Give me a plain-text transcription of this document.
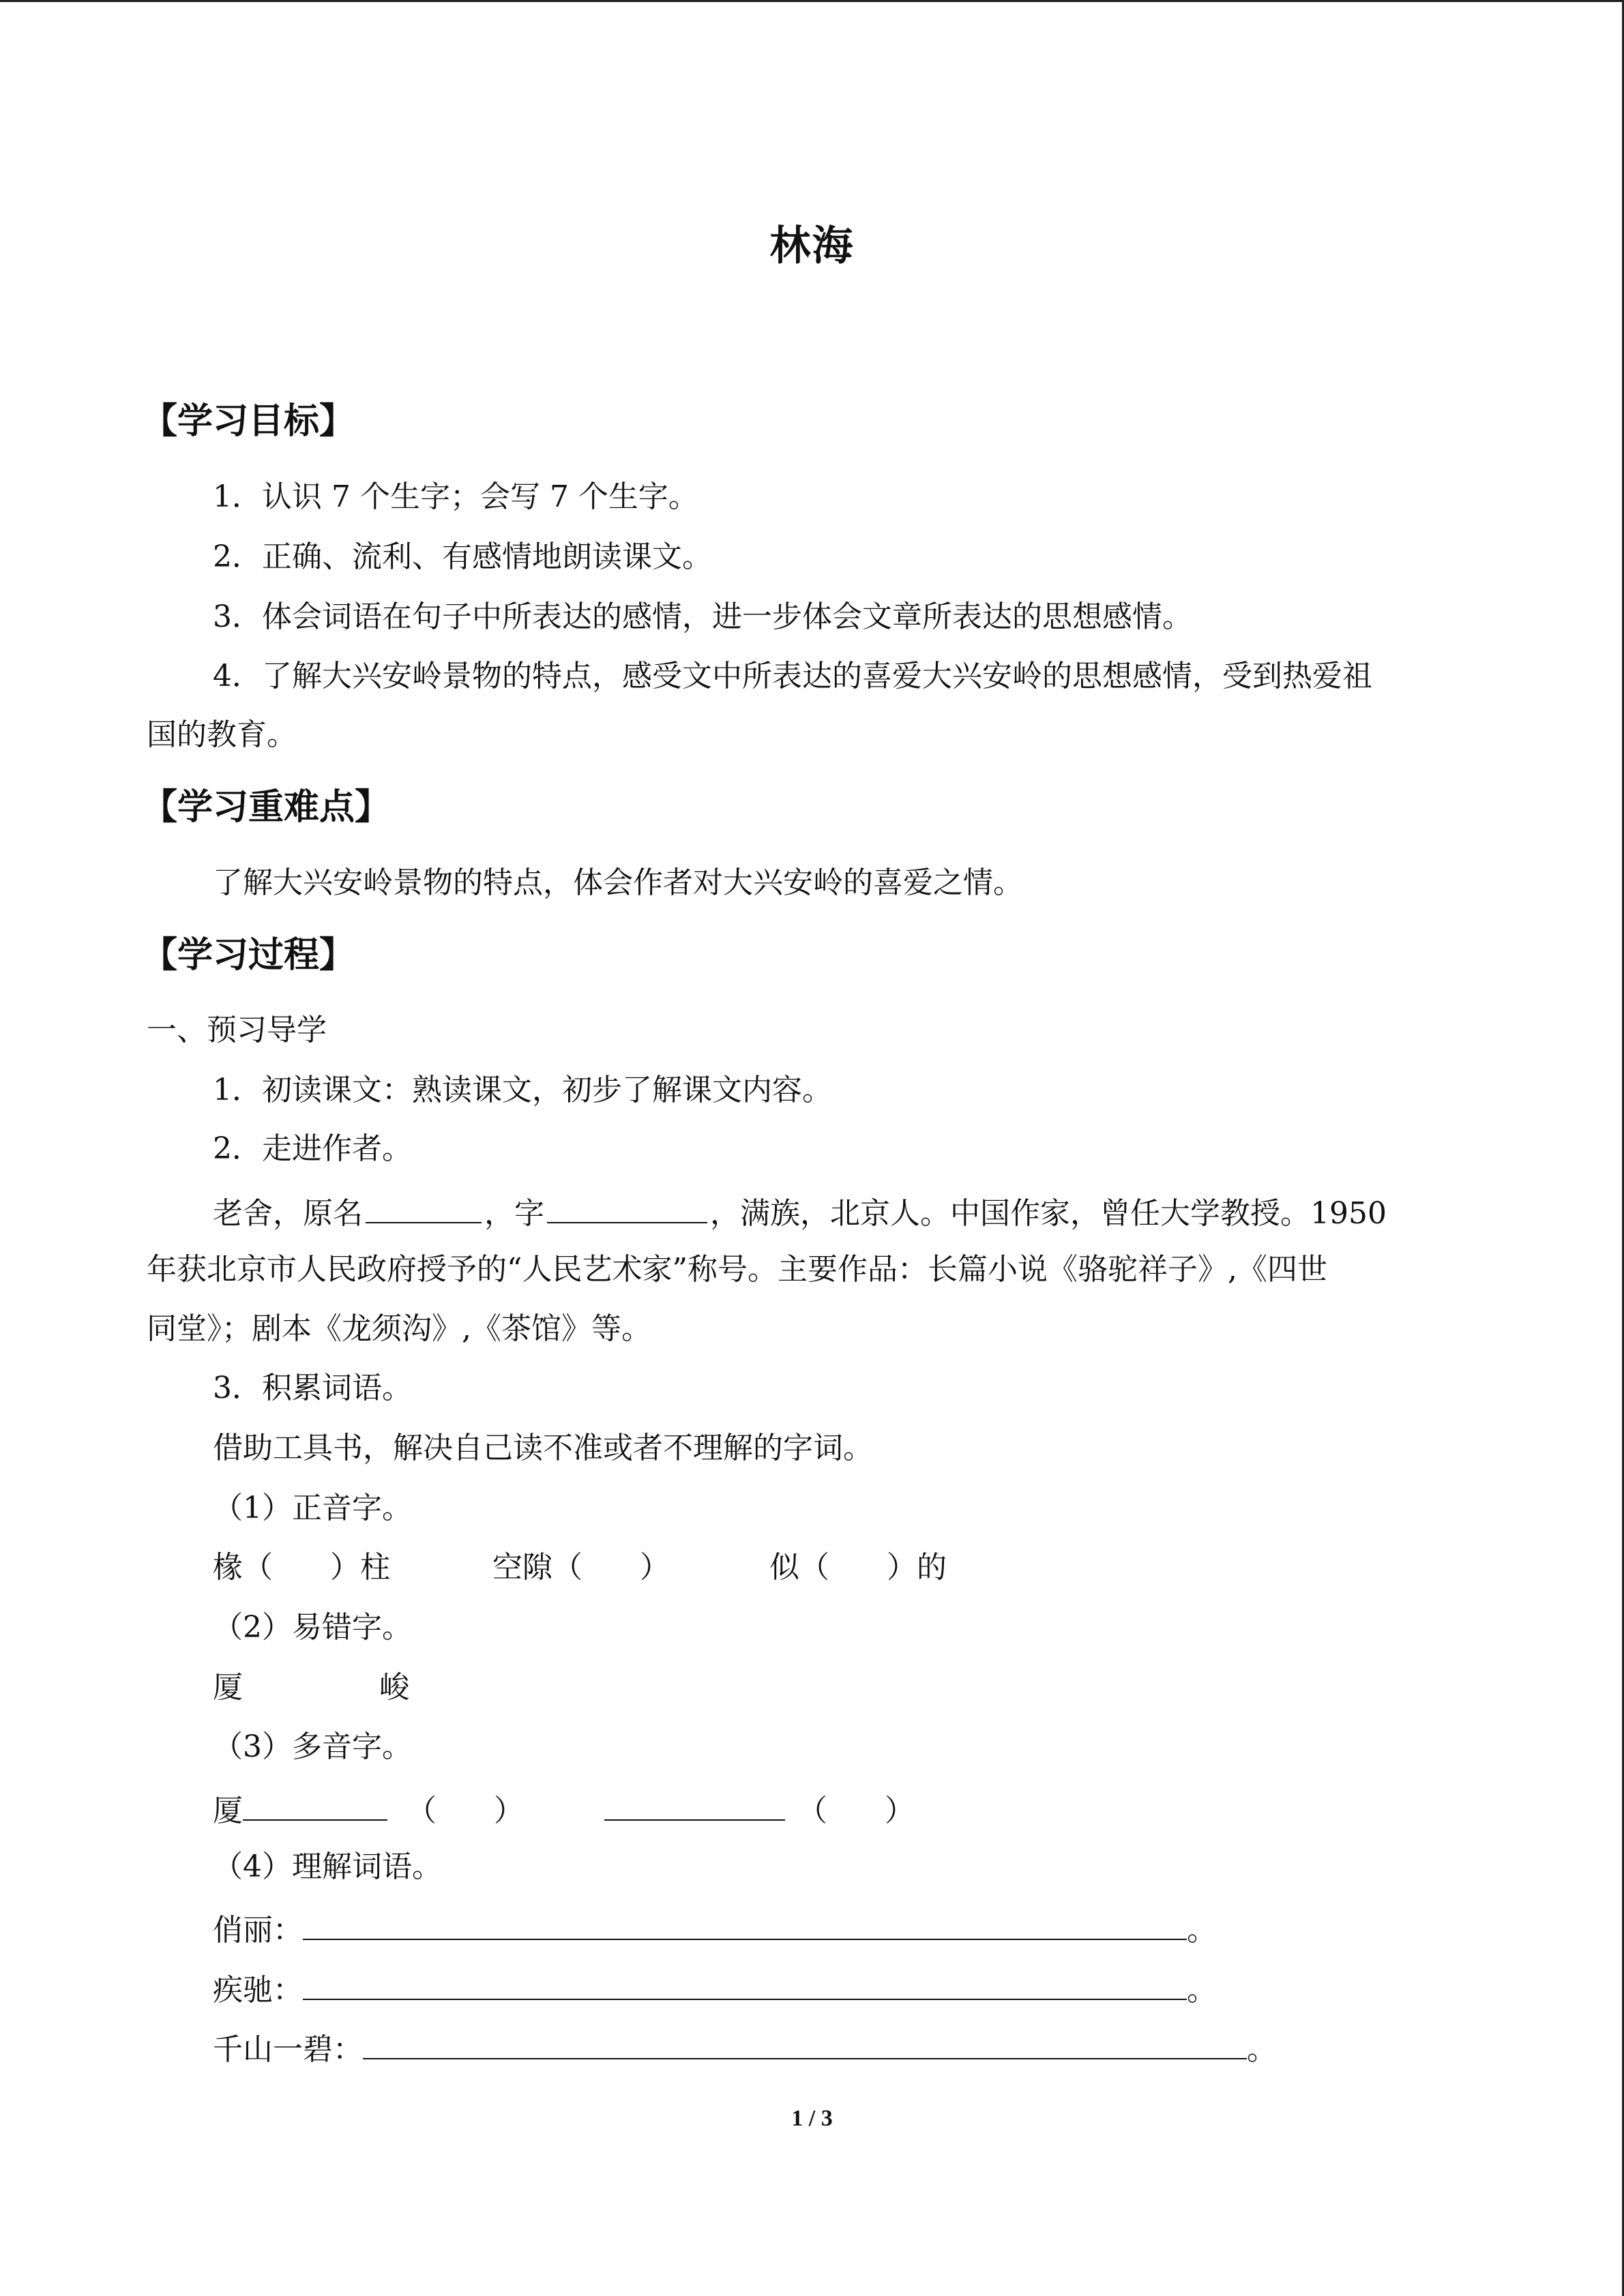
林海
【学习目标】
1．认识 7 个生字；会写 7 个生字。
2．正确、流利、有感情地朗读课文。
3．体会词语在句子中所表达的感情，进一步体会文章所表达的思想感情。
4．了解大兴安岭景物的特点，感受文中所表达的喜爱大兴安岭的思想感情，受到热爱祖
国的教育。
【学习重难点】
了解大兴安岭景物的特点，体会作者对大兴安岭的喜爱之情。
【学习过程】
一、预习导学
1．初读课文：熟读课文，初步了解课文内容。
2．走进作者。
老舍，原名	，字	，满族，北京人。中国作家，曾任大学教授。1950
年获北京市人民政府授予的“人民艺术家”称号。主要作品：长篇小说《骆驼祥子》,《四世
同堂》；剧本《龙须沟》,《茶馆》等。
3．积累词语。
借助工具书，解决自己读不准或者不理解的字词。
（1）正音字。
椽（ ）柱	空隙（ ）	似（ ）的
（2）易错字。
厦	峻
（3）多音字。
厦	（ ）	（ ）
（4）理解词语。
俏丽：	。
疾驰：	。
千山一碧：	。
1 / 3
